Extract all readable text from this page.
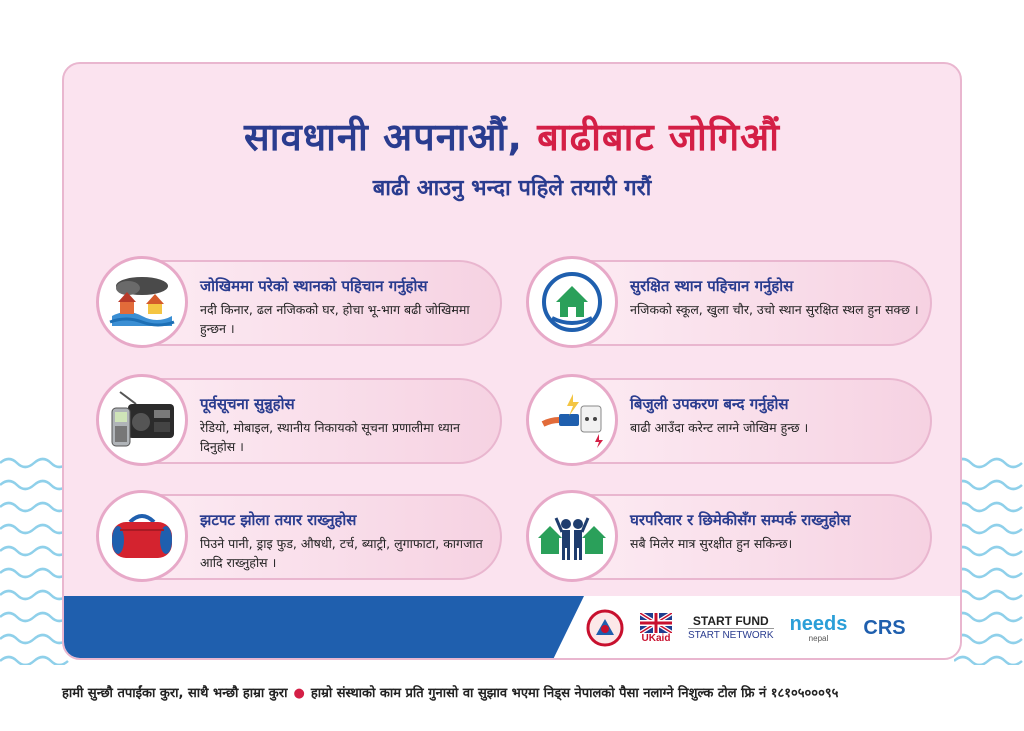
सावधानी अपनाऔं, बाढीबाट जोगिऔं
बाढी आउनु भन्दा पहिले तयारी गरौं
जोखिममा परेको स्थानको पहिचान गर्नुहोस
नदी किनार, ढल नजिकको घर, होचा भू-भाग बढी जोखिममा हुन्छन ।
सुरक्षित स्थान पहिचान गर्नुहोस
नजिकको स्कूल, खुला चौर, उचो स्थान सुरक्षित स्थल हुन सक्छ ।
पूर्वसूचना सुन्नुहोस
रेडियो, मोबाइल, स्थानीय निकायको सूचना प्रणालीमा ध्यान दिनुहोस ।
बिजुली उपकरण बन्द गर्नुहोस
बाढी आउँदा करेन्ट लाग्ने जोखिम हुन्छ ।
झटपट झोला तयार राख्नुहोस
पिउने पानी, ड्राइ फुड, औषधी, टर्च, ब्याट्री, लुगाफाटा, कागजात आदि राख्नुहोस ।
घरपरिवार र छिमेकीसँग सम्पर्क राख्नुहोस
सबै मिलेर मात्र सुरक्षीत हुन सकिन्छ।
UKaid
START FUND
START NETWORK
needs
nepal CRS
हामी सुन्छौ तपाईंका कुरा, साथै भन्छौ हाम्रा कुरा ● हाम्रो संस्थाको काम प्रति गुनासो वा सुझाव भएमा निड्स नेपालको पैसा नलाग्ने निशुल्क टोल फ्रि नं १८१०५०००९५
